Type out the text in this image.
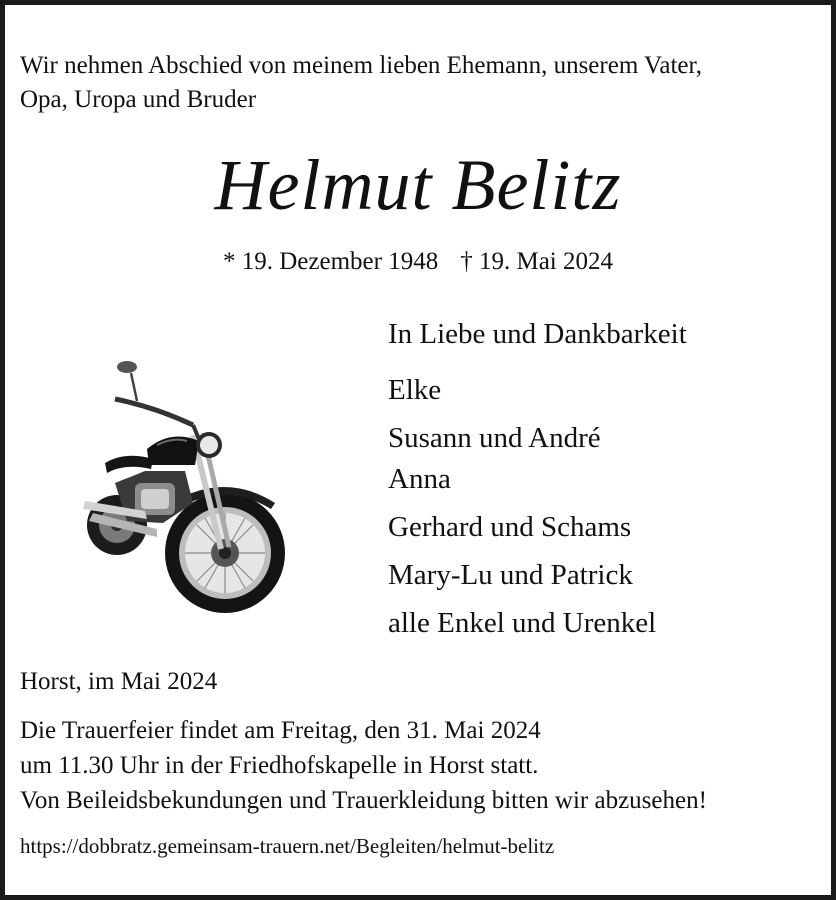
Wir nehmen Abschied von meinem lieben Ehemann, unserem Vater,
Opa, Uropa und Bruder
Helmut Belitz
* 19. Dezember 1948 † 19. Mai 2024
In Liebe und Dankbarkeit
Elke
Susann und André
Anna
Gerhard und Schams
Mary-Lu und Patrick
alle Enkel und Urenkel
Horst, im Mai 2024
Die Trauerfeier findet am Freitag, den 31. Mai 2024
um 11.30 Uhr in der Friedhofskapelle in Horst statt.
Von Beileidsbekundungen und Trauerkleidung bitten wir abzusehen!
https://dobbratz.gemeinsam-trauern.net/Begleiten/helmut-belitz
